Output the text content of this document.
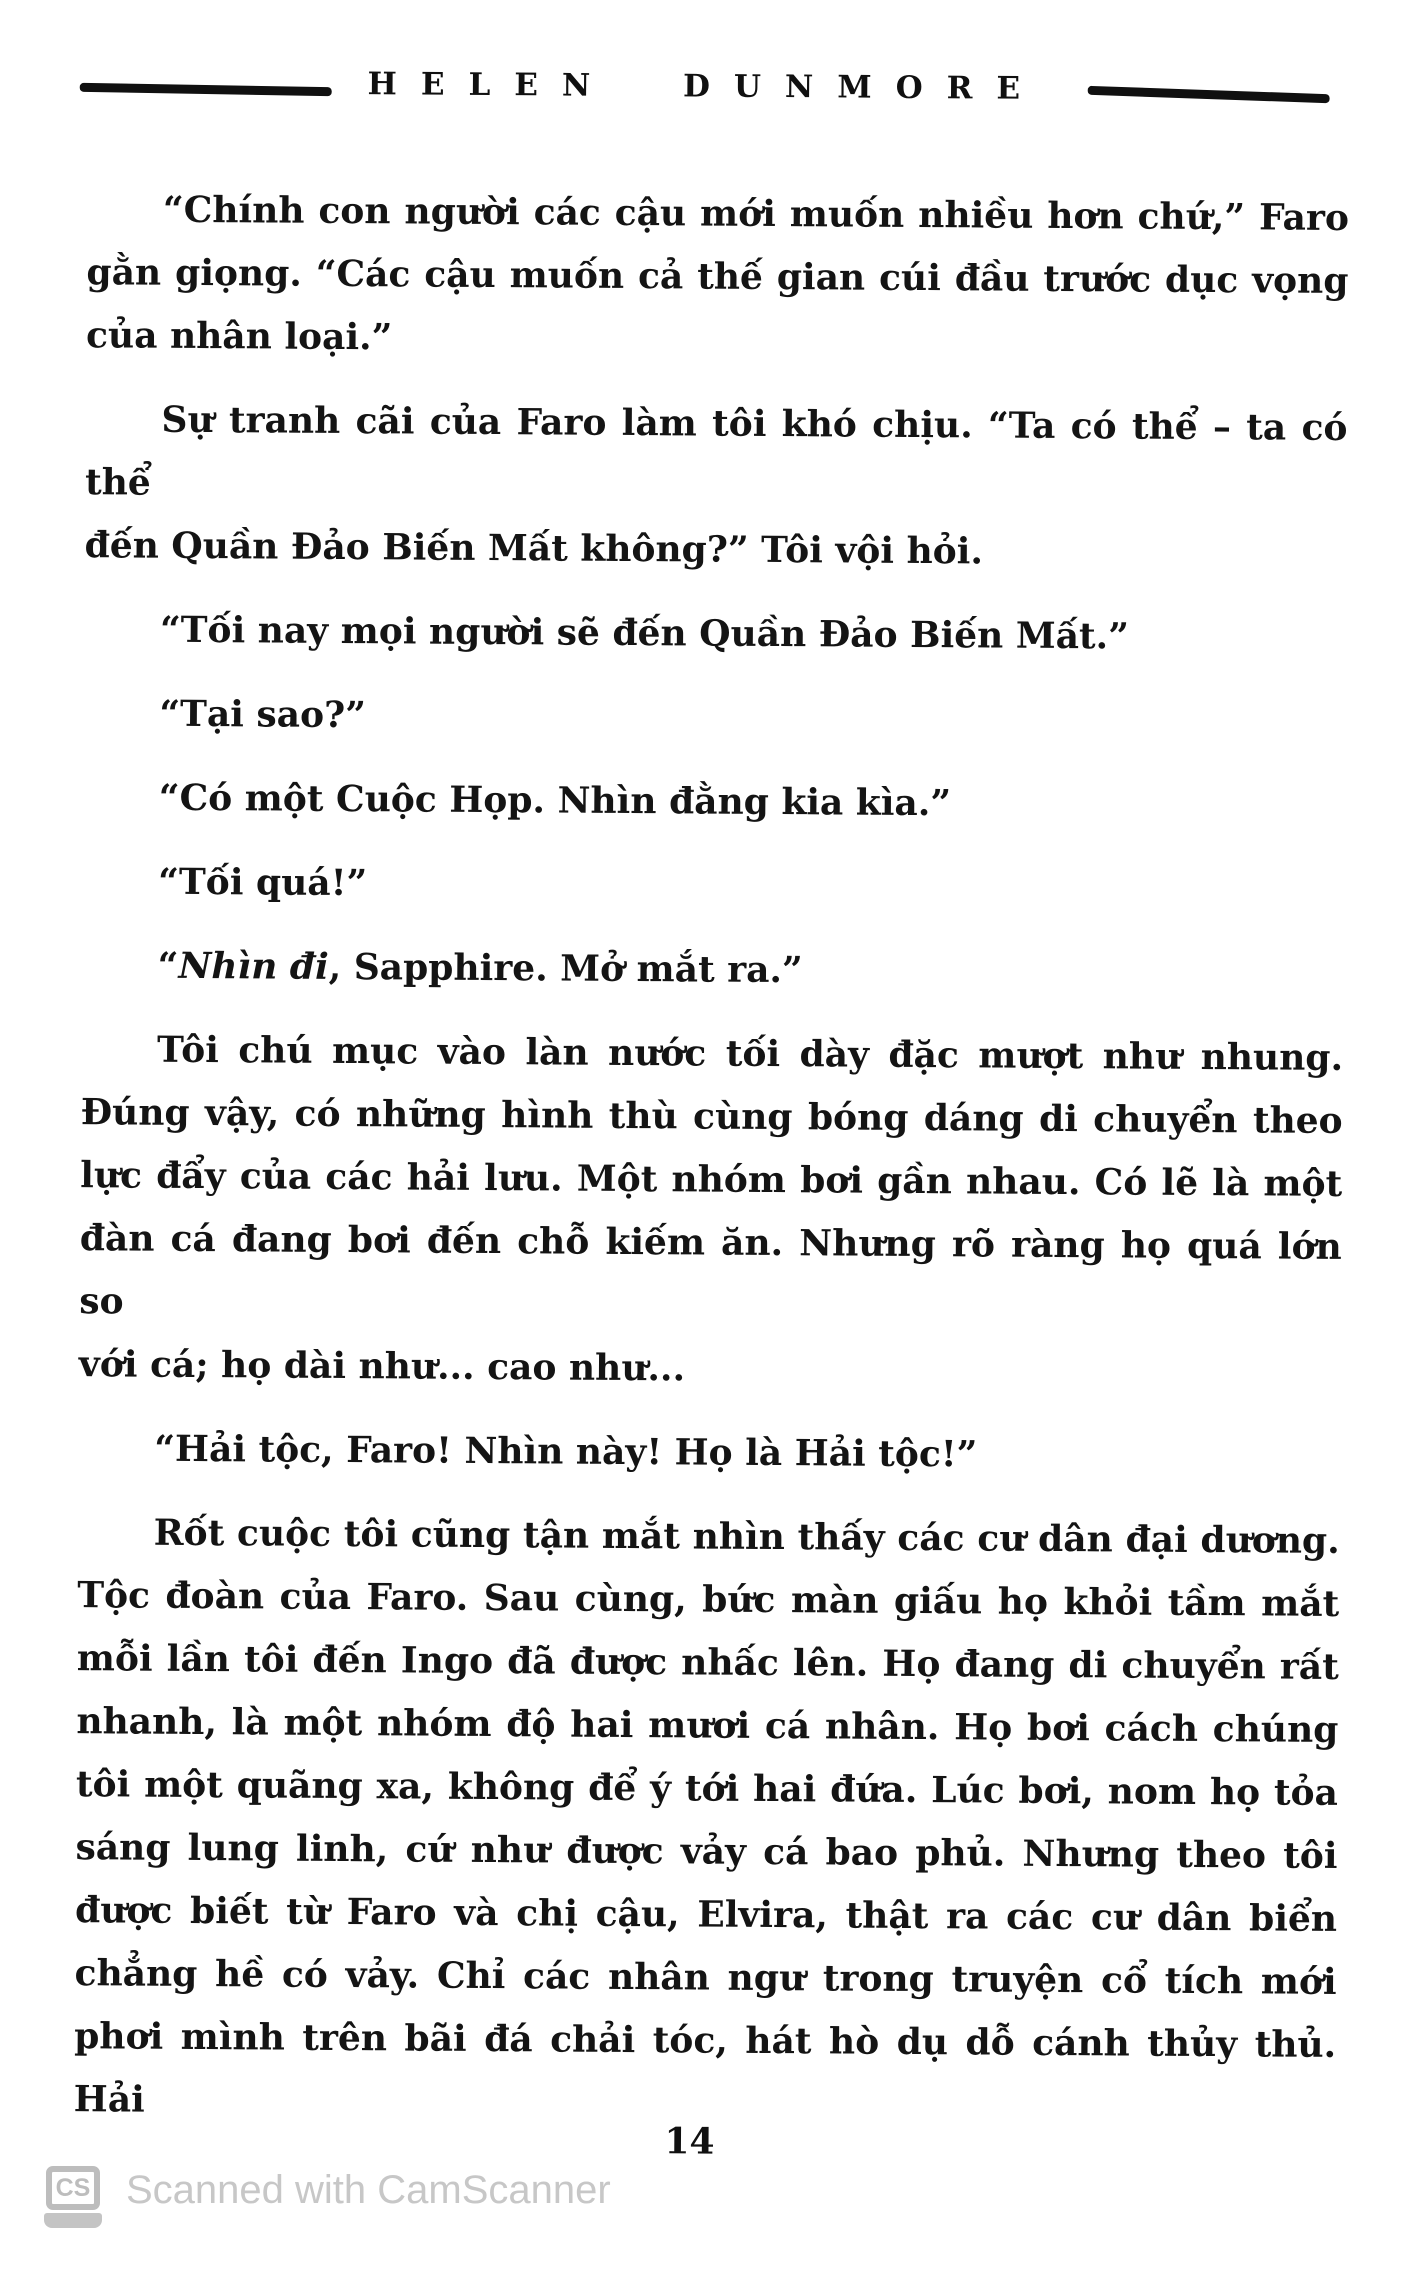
HELEN DUNMORE
“Chính con người các cậu mới muốn nhiều hơn chứ,” Faro
gằn giọng. “Các cậu muốn cả thế gian cúi đầu trước dục vọng
của nhân loại.”
Sự tranh cãi của Faro làm tôi khó chịu. “Ta có thể – ta có thể
đến Quần Đảo Biến Mất không?” Tôi vội hỏi.
“Tối nay mọi người sẽ đến Quần Đảo Biến Mất.”
“Tại sao?”
“Có một Cuộc Họp. Nhìn đằng kia kìa.”
“Tối quá!”
“Nhìn đi, Sapphire. Mở mắt ra.”
Tôi chú mục vào làn nước tối dày đặc mượt như nhung.
Đúng vậy, có những hình thù cùng bóng dáng di chuyển theo
lực đẩy của các hải lưu. Một nhóm bơi gần nhau. Có lẽ là một
đàn cá đang bơi đến chỗ kiếm ăn. Nhưng rõ ràng họ quá lớn so
với cá; họ dài như... cao như...
“Hải tộc, Faro! Nhìn này! Họ là Hải tộc!”
Rốt cuộc tôi cũng tận mắt nhìn thấy các cư dân đại dương.
Tộc đoàn của Faro. Sau cùng, bức màn giấu họ khỏi tầm mắt
mỗi lần tôi đến Ingo đã được nhấc lên. Họ đang di chuyển rất
nhanh, là một nhóm độ hai mươi cá nhân. Họ bơi cách chúng
tôi một quãng xa, không để ý tới hai đứa. Lúc bơi, nom họ tỏa
sáng lung linh, cứ như được vảy cá bao phủ. Nhưng theo tôi
được biết từ Faro và chị cậu, Elvira, thật ra các cư dân biển
chẳng hề có vảy. Chỉ các nhân ngư trong truyện cổ tích mới
phơi mình trên bãi đá chải tóc, hát hò dụ dỗ cánh thủy thủ. Hải
14
CS Scanned with CamScanner
